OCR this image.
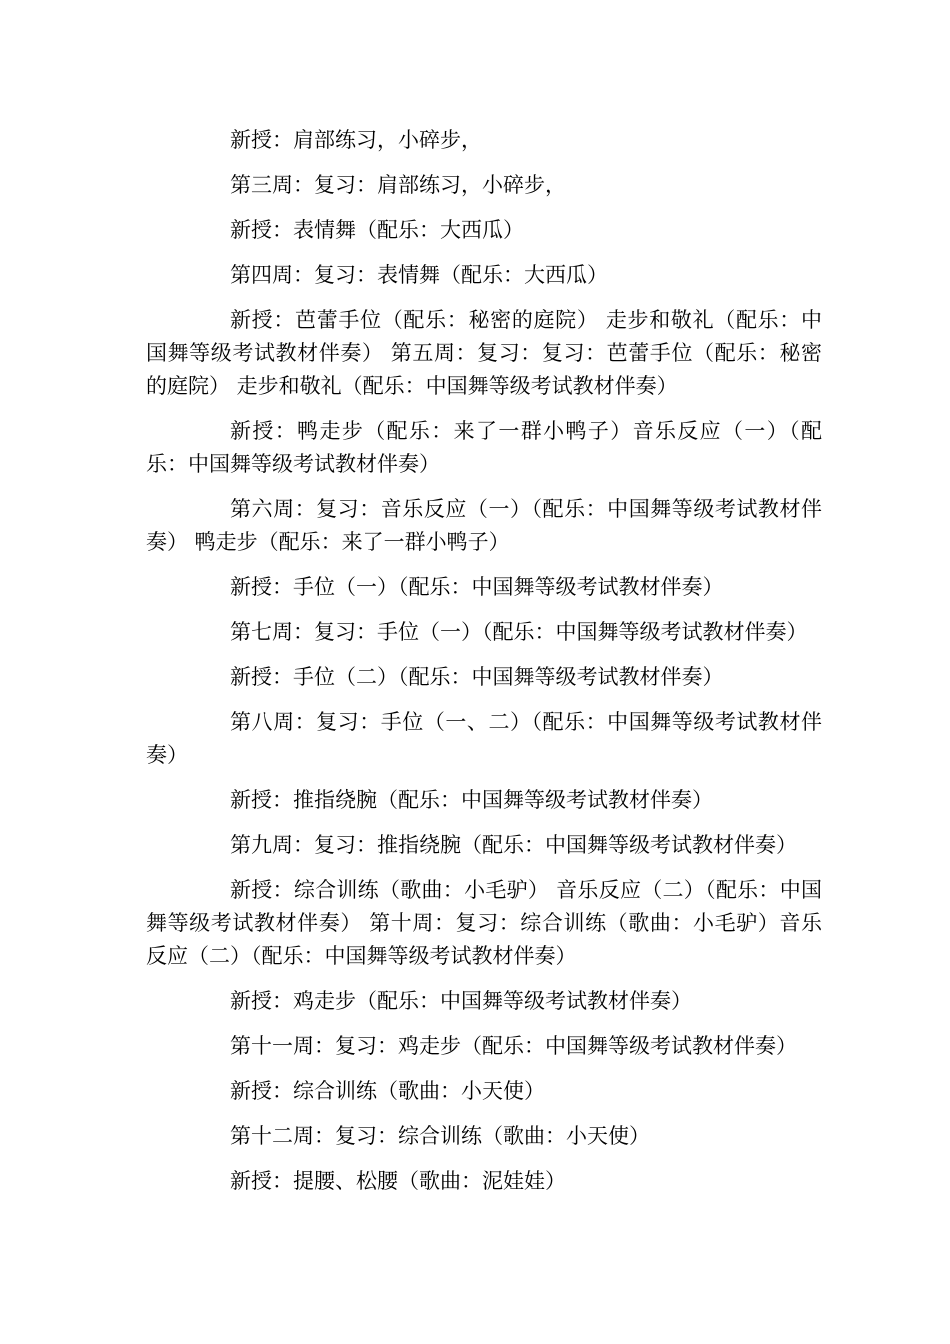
新授：肩部练习，小碎步，

第三周：复习：肩部练习，小碎步，

新授：表情舞（配乐：大西瓜）

第四周：复习：表情舞（配乐：大西瓜）

新授：芭蕾手位（配乐：秘密的庭院） 走步和敬礼（配乐：中国舞等级考试教材伴奏） 第五周：复习：复习：芭蕾手位（配乐：秘密的庭院） 走步和敬礼（配乐：中国舞等级考试教材伴奏）

新授：鸭走步（配乐：来了一群小鸭子）音乐反应（一）（配乐：中国舞等级考试教材伴奏）

第六周：复习：音乐反应（一）（配乐：中国舞等级考试教材伴奏） 鸭走步（配乐：来了一群小鸭子）

新授：手位（一）（配乐：中国舞等级考试教材伴奏）

第七周：复习：手位（一）（配乐：中国舞等级考试教材伴奏）

新授：手位（二）（配乐：中国舞等级考试教材伴奏）

第八周：复习：手位（一、二）（配乐：中国舞等级考试教材伴奏）

新授：推指绕腕（配乐：中国舞等级考试教材伴奏）

第九周：复习：推指绕腕（配乐：中国舞等级考试教材伴奏）

新授：综合训练（歌曲：小毛驴） 音乐反应（二）（配乐：中国舞等级考试教材伴奏） 第十周：复习：综合训练（歌曲：小毛驴）音乐反应（二）（配乐：中国舞等级考试教材伴奏）

新授：鸡走步（配乐：中国舞等级考试教材伴奏）

第十一周：复习：鸡走步（配乐：中国舞等级考试教材伴奏）

新授：综合训练（歌曲：小天使）

第十二周：复习：综合训练（歌曲：小天使）

新授：提腰、松腰（歌曲：泥娃娃）
